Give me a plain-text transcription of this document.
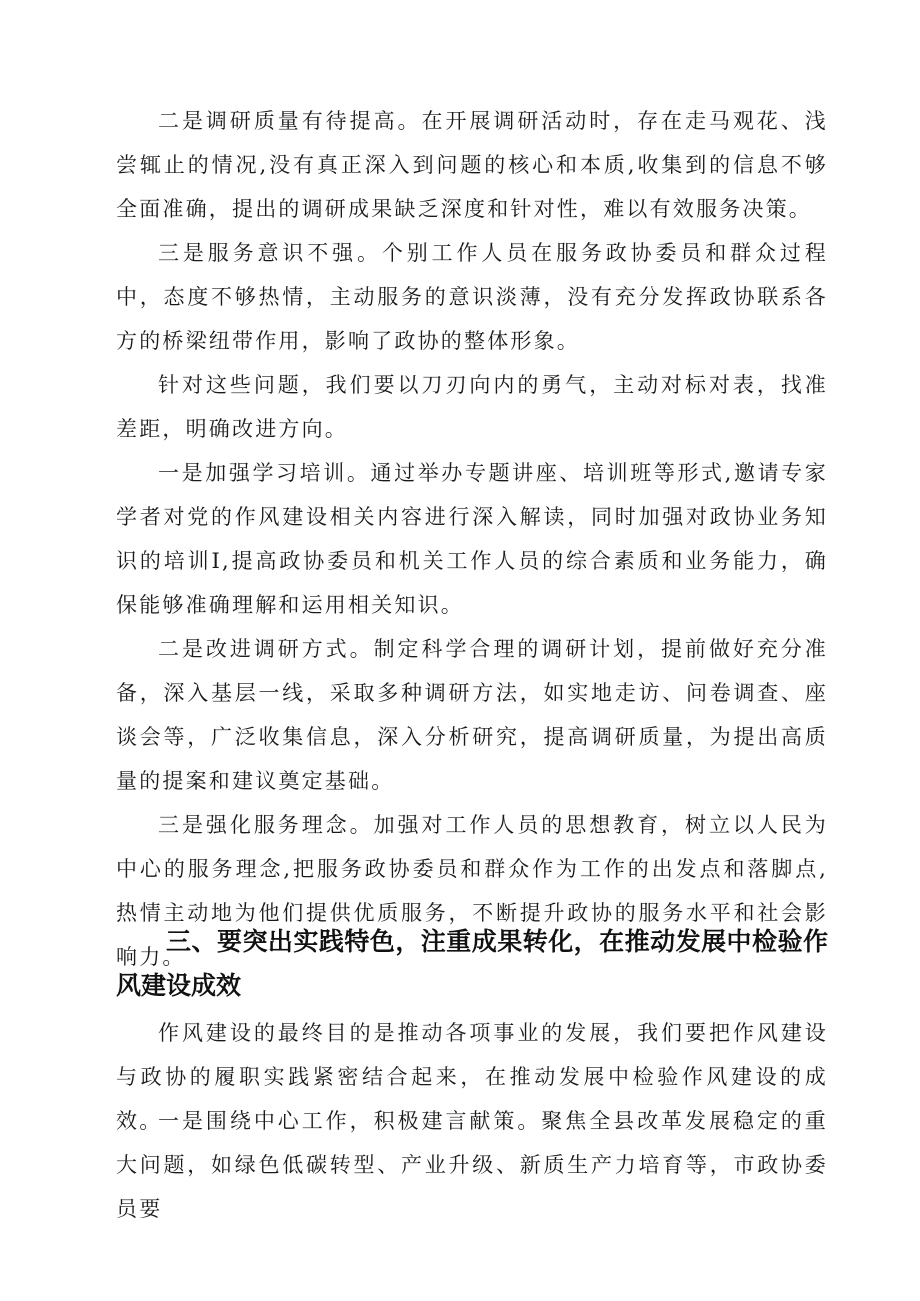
二是调研质量有待提高。在开展调研活动时，存在走马观花、浅尝辄止的情况,没有真正深入到问题的核心和本质,收集到的信息不够全面准确，提出的调研成果缺乏深度和针对性，难以有效服务决策。

三是服务意识不强。个别工作人员在服务政协委员和群众过程中，态度不够热情，主动服务的意识淡薄，没有充分发挥政协联系各方的桥梁纽带作用，影响了政协的整体形象。

针对这些问题，我们要以刀刃向内的勇气，主动对标对表，找准差距，明确改进方向。

一是加强学习培训。通过举办专题讲座、培训班等形式,邀请专家学者对党的作风建设相关内容进行深入解读，同时加强对政协业务知识的培训I,提高政协委员和机关工作人员的综合素质和业务能力，确保能够准确理解和运用相关知识。

二是改进调研方式。制定科学合理的调研计划，提前做好充分准备，深入基层一线，采取多种调研方法，如实地走访、问卷调查、座谈会等，广泛收集信息，深入分析研究，提高调研质量，为提出高质量的提案和建议奠定基础。

三是强化服务理念。加强对工作人员的思想教育，树立以人民为中心的服务理念,把服务政协委员和群众作为工作的出发点和落脚点,热情主动地为他们提供优质服务，不断提升政协的服务水平和社会影响力。

三、要突出实践特色，注重成果转化，在推动发展中检验作风建设成效

作风建设的最终目的是推动各项事业的发展，我们要把作风建设与政协的履职实践紧密结合起来，在推动发展中检验作风建设的成效。

一是围绕中心工作，积极建言献策。聚焦全县改革发展稳定的重大问题，如绿色低碳转型、产业升级、新质生产力培育等，市政协委员要
